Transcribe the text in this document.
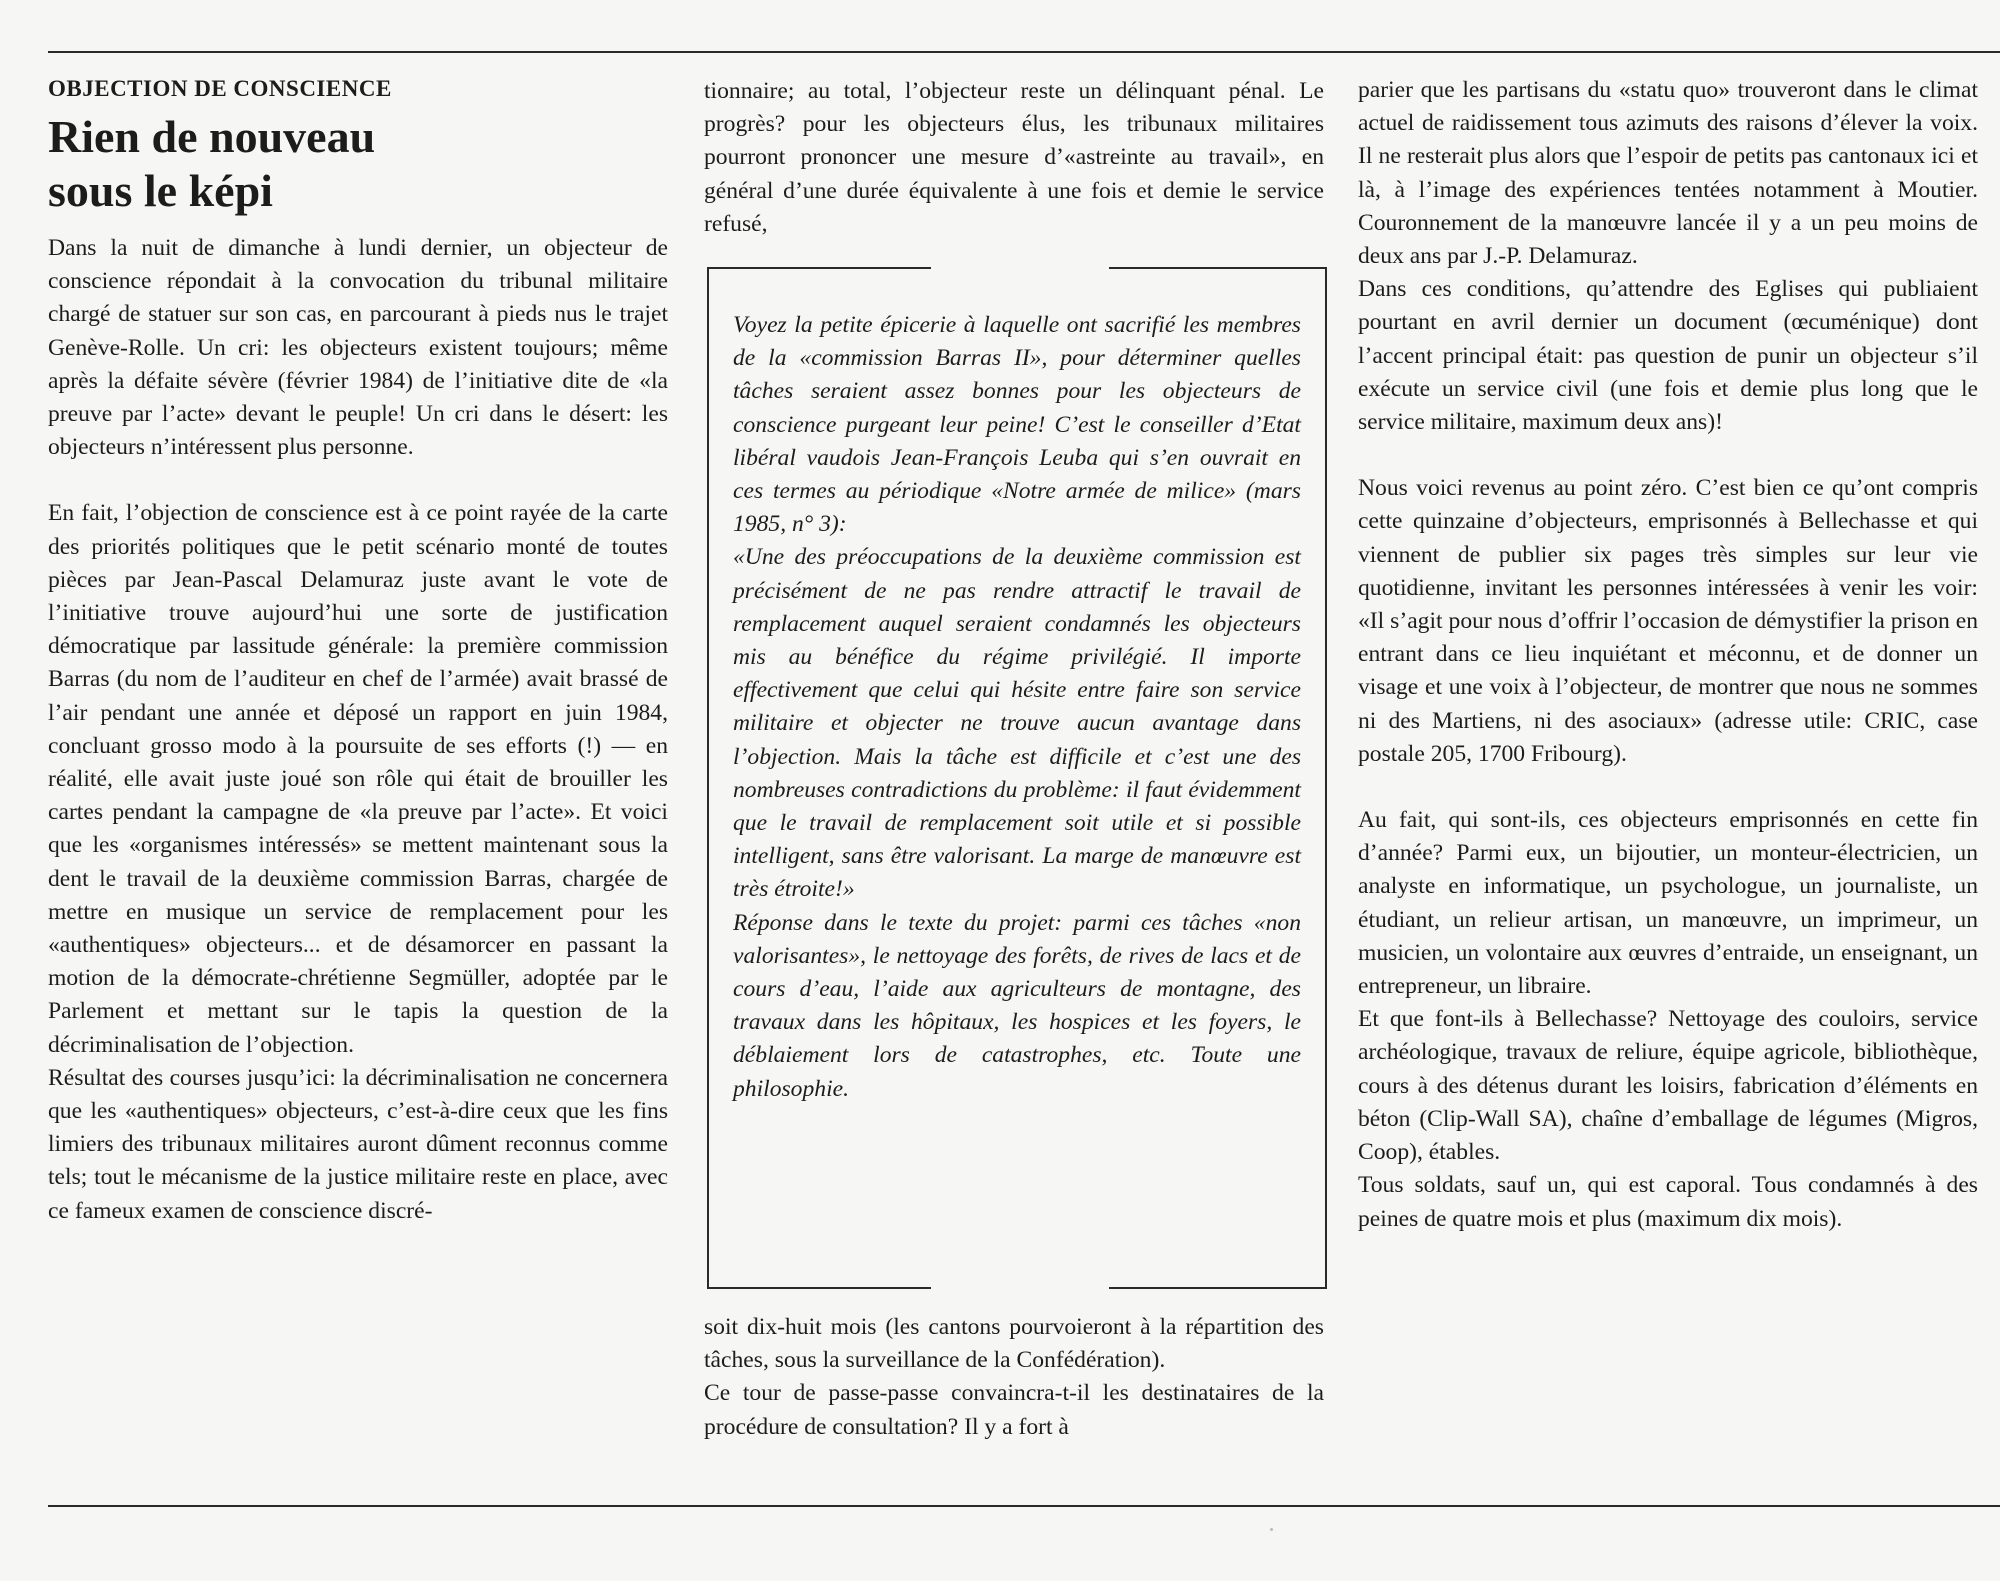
OBJECTION DE CONSCIENCE
Rien de nouveau
sous le képi

Dans la nuit de dimanche à lundi dernier, un objecteur de conscience répondait à la convocation du tribunal militaire chargé de statuer sur son cas, en parcourant à pieds nus le trajet Genève-Rolle. Un cri: les objecteurs existent toujours; même après la défaite sévère (février 1984) de l’initiative dite de «la preuve par l’acte» devant le peuple! Un cri dans le désert: les objecteurs n’intéressent plus personne.

En fait, l’objection de conscience est à ce point rayée de la carte des priorités politiques que le petit scénario monté de toutes pièces par Jean-Pascal Delamuraz juste avant le vote de l’initiative trouve aujourd’hui une sorte de justification démocratique par lassitude générale: la première commission Barras (du nom de l’auditeur en chef de l’armée) avait brassé de l’air pendant une année et déposé un rapport en juin 1984, concluant grosso modo à la poursuite de ses efforts (!) — en réalité, elle avait juste joué son rôle qui était de brouiller les cartes pendant la campagne de «la preuve par l’acte». Et voici que les «organismes intéressés» se mettent maintenant sous la dent le travail de la deuxième commission Barras, chargée de mettre en musique un service de remplacement pour les «authentiques» objecteurs... et de désamorcer en passant la motion de la démocrate-chrétienne Segmüller, adoptée par le Parlement et mettant sur le tapis la question de la décriminalisation de l’objection.

Résultat des courses jusqu’ici: la décriminalisation ne concernera que les «authentiques» objecteurs, c’est-à-dire ceux que les fins limiers des tribunaux militaires auront dûment reconnus comme tels; tout le mécanisme de la justice militaire reste en place, avec ce fameux examen de conscience discré-

tionnaire; au total, l’objecteur reste un délinquant pénal. Le progrès? pour les objecteurs élus, les tribunaux militaires pourront prononcer une mesure d’«astreinte au travail», en général d’une durée équivalente à une fois et demie le service refusé,

Voyez la petite épicerie à laquelle ont sacrifié les membres de la «commission Barras II», pour déterminer quelles tâches seraient assez bonnes pour les objecteurs de conscience purgeant leur peine! C’est le conseiller d’Etat libéral vaudois Jean-François Leuba qui s’en ouvrait en ces termes au périodique «Notre armée de milice» (mars 1985, n° 3):

«Une des préoccupations de la deuxième commission est précisément de ne pas rendre attractif le travail de remplacement auquel seraient condamnés les objecteurs mis au bénéfice du régime privilégié. Il importe effectivement que celui qui hésite entre faire son service militaire et objecter ne trouve aucun avantage dans l’objection. Mais la tâche est difficile et c’est une des nombreuses contradictions du problème: il faut évidemment que le travail de remplacement soit utile et si possible intelligent, sans être valorisant. La marge de manœuvre est très étroite!»

Réponse dans le texte du projet: parmi ces tâches «non valorisantes», le nettoyage des forêts, de rives de lacs et de cours d’eau, l’aide aux agriculteurs de montagne, des travaux dans les hôpitaux, les hospices et les foyers, le déblaiement lors de catastrophes, etc. Toute une philosophie.

soit dix-huit mois (les cantons pourvoieront à la répartition des tâches, sous la surveillance de la Confédération).

Ce tour de passe-passe convaincra-t-il les destinataires de la procédure de consultation? Il y a fort à

parier que les partisans du «statu quo» trouveront dans le climat actuel de raidissement tous azimuts des raisons d’élever la voix. Il ne resterait plus alors que l’espoir de petits pas cantonaux ici et là, à l’image des expériences tentées notamment à Moutier. Couronnement de la manœuvre lancée il y a un peu moins de deux ans par J.-P. Delamuraz.

Dans ces conditions, qu’attendre des Eglises qui publiaient pourtant en avril dernier un document (œcuménique) dont l’accent principal était: pas question de punir un objecteur s’il exécute un service civil (une fois et demie plus long que le service militaire, maximum deux ans)!

Nous voici revenus au point zéro. C’est bien ce qu’ont compris cette quinzaine d’objecteurs, emprisonnés à Bellechasse et qui viennent de publier six pages très simples sur leur vie quotidienne, invitant les personnes intéressées à venir les voir: «Il s’agit pour nous d’offrir l’occasion de démystifier la prison en entrant dans ce lieu inquiétant et méconnu, et de donner un visage et une voix à l’objecteur, de montrer que nous ne sommes ni des Martiens, ni des asociaux» (adresse utile: CRIC, case postale 205, 1700 Fribourg).

Au fait, qui sont-ils, ces objecteurs emprisonnés en cette fin d’année? Parmi eux, un bijoutier, un monteur-électricien, un analyste en informatique, un psychologue, un journaliste, un étudiant, un relieur artisan, un manœuvre, un imprimeur, un musicien, un volontaire aux œuvres d’entraide, un enseignant, un entrepreneur, un libraire.

Et que font-ils à Bellechasse? Nettoyage des couloirs, service archéologique, travaux de reliure, équipe agricole, bibliothèque, cours à des détenus durant les loisirs, fabrication d’éléments en béton (Clip-Wall SA), chaîne d’emballage de légumes (Migros, Coop), étables.

Tous soldats, sauf un, qui est caporal. Tous condamnés à des peines de quatre mois et plus (maximum dix mois).
